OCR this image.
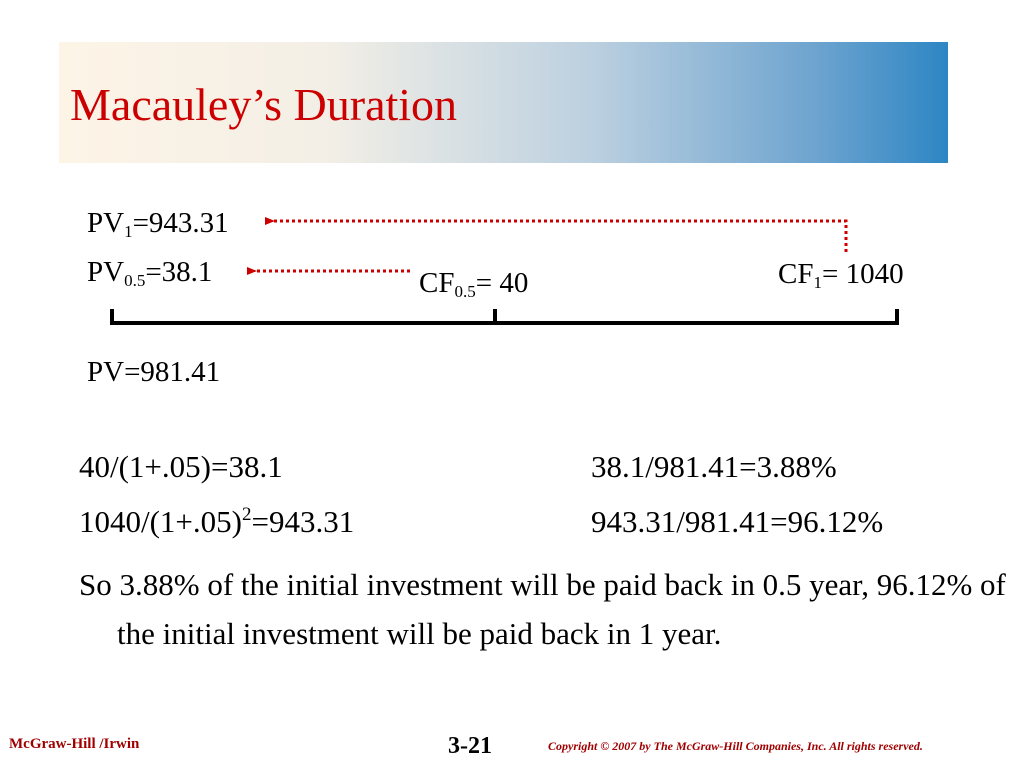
Macauley’s Duration
$PV_1=943.31$
$PV_{0.5}=38.1$	$CF_{0.5}= 40$	$CF_1= 1040$
PV=981.41
40/(1+.05)=38.1	38.1/981.41=3.88%
$1040/(1+.05)^2=943.31$	943.31/981.41=96.12%
So 3.88% of the initial investment will be paid back in 0.5 year, 96.12% of the initial investment will be paid back in 1 year.
McGraw-Hill /Irwin	3-21	Copyright © 2007 by The McGraw-Hill Companies, Inc. All rights reserved.
